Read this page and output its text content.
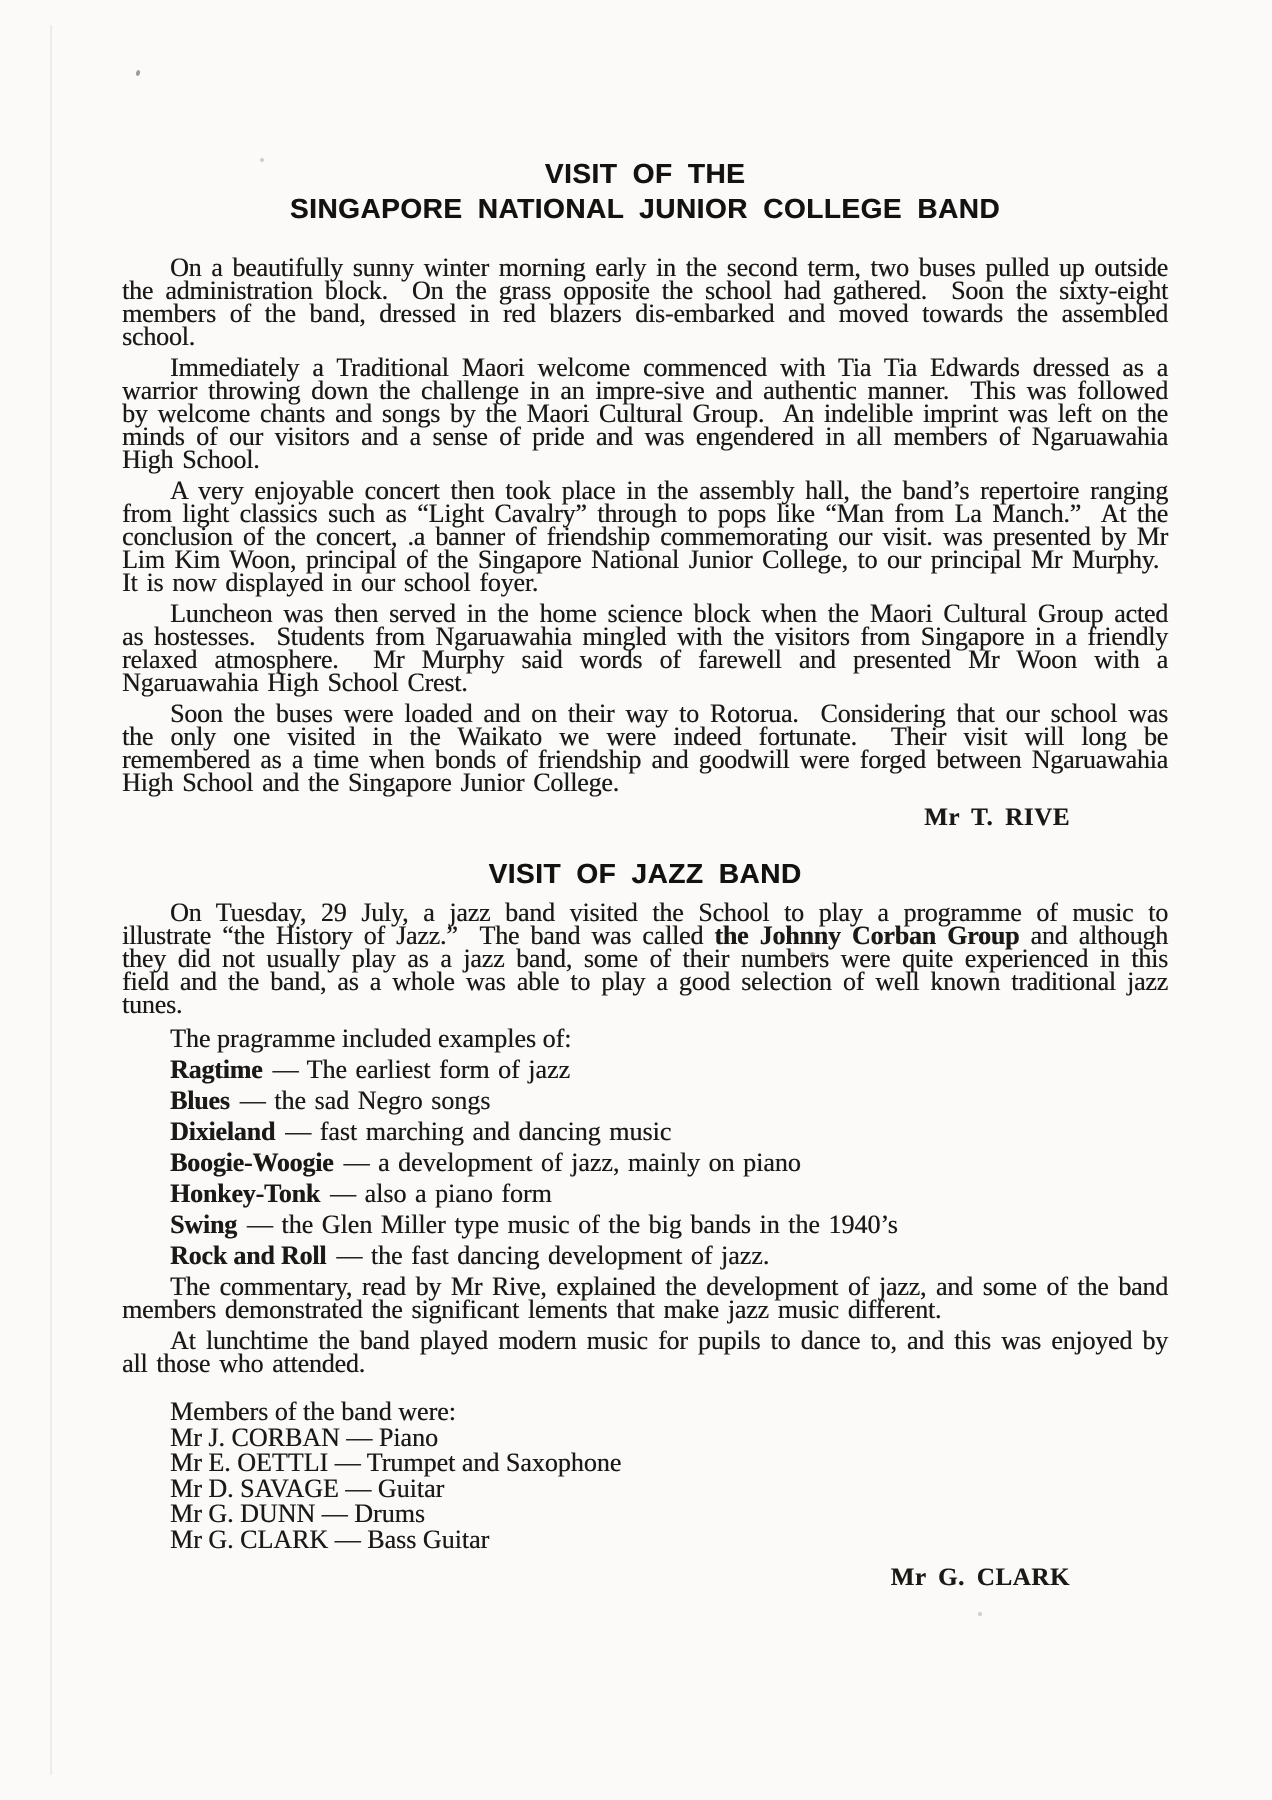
VISIT OF THE
SINGAPORE NATIONAL JUNIOR COLLEGE BAND

On a beautifully sunny winter morning early in the second term, two buses pulled up outside the administration block.  On the grass opposite the school had gathered.  Soon the sixty-eight members of the band, dressed in red blazers dis-embarked and moved towards the assembled school.

Immediately a Traditional Maori welcome commenced with Tia Tia Edwards dressed as a warrior throwing down the challenge in an impre-sive and authentic manner.  This was followed by welcome chants and songs by the Maori Cultural Group.  An indelible imprint was left on the minds of our visitors and a sense of pride and was engendered in all members of Ngaruawahia High School.

A very enjoyable concert then took place in the assembly hall, the band’s repertoire ranging from light classics such as “Light Cavalry” through to pops like “Man from La Manch.”  At the conclusion of the concert, .a banner of friendship commemorating our visit. was presented by Mr Lim Kim Woon, principal of the Singapore National Junior College, to our principal Mr Murphy.  It is now displayed in our school foyer.

Luncheon was then served in the home science block when the Maori Cultural Group acted as hostesses.  Students from Ngaruawahia mingled with the visitors from Singapore in a friendly relaxed atmosphere.  Mr Murphy said words of farewell and presented Mr Woon with a Ngaruawahia High School Crest.

Soon the buses were loaded and on their way to Rotorua.  Considering that our school was the only one visited in the Waikato we were indeed fortunate.  Their visit will long be remembered as a time when bonds of friendship and goodwill were forged between Ngaruawahia High School and the Singapore Junior College.

Mr T. RIVE
VISIT OF JAZZ BAND

On Tuesday, 29 July, a jazz band visited the School to play a programme of music to illustrate “the History of Jazz.”  The band was called the Johnny Corban Group and although they did not usually play as a jazz band, some of their numbers were quite experienced in this field and the band, as a whole was able to play a good selection of well known traditional jazz tunes.

The pragramme included examples of:

Ragtime — The earliest form of jazz
Blues — the sad Negro songs
Dixieland — fast marching and dancing music
Boogie-Woogie — a development of jazz, mainly on piano
Honkey-Tonk — also a piano form
Swing — the Glen Miller type music of the big bands in the 1940’s
Rock and Roll — the fast dancing development of jazz.

The commentary, read by Mr Rive, explained the development of jazz, and some of the band members demonstrated the significant lements that make jazz music different.

At lunchtime the band played modern music for pupils to dance to, and this was enjoyed by all those who attended.

Members of the band were:
Mr J. CORBAN — Piano
Mr E. OETTLI — Trumpet and Saxophone
Mr D. SAVAGE — Guitar
Mr G. DUNN — Drums
Mr G. CLARK — Bass Guitar
Mr G. CLARK
